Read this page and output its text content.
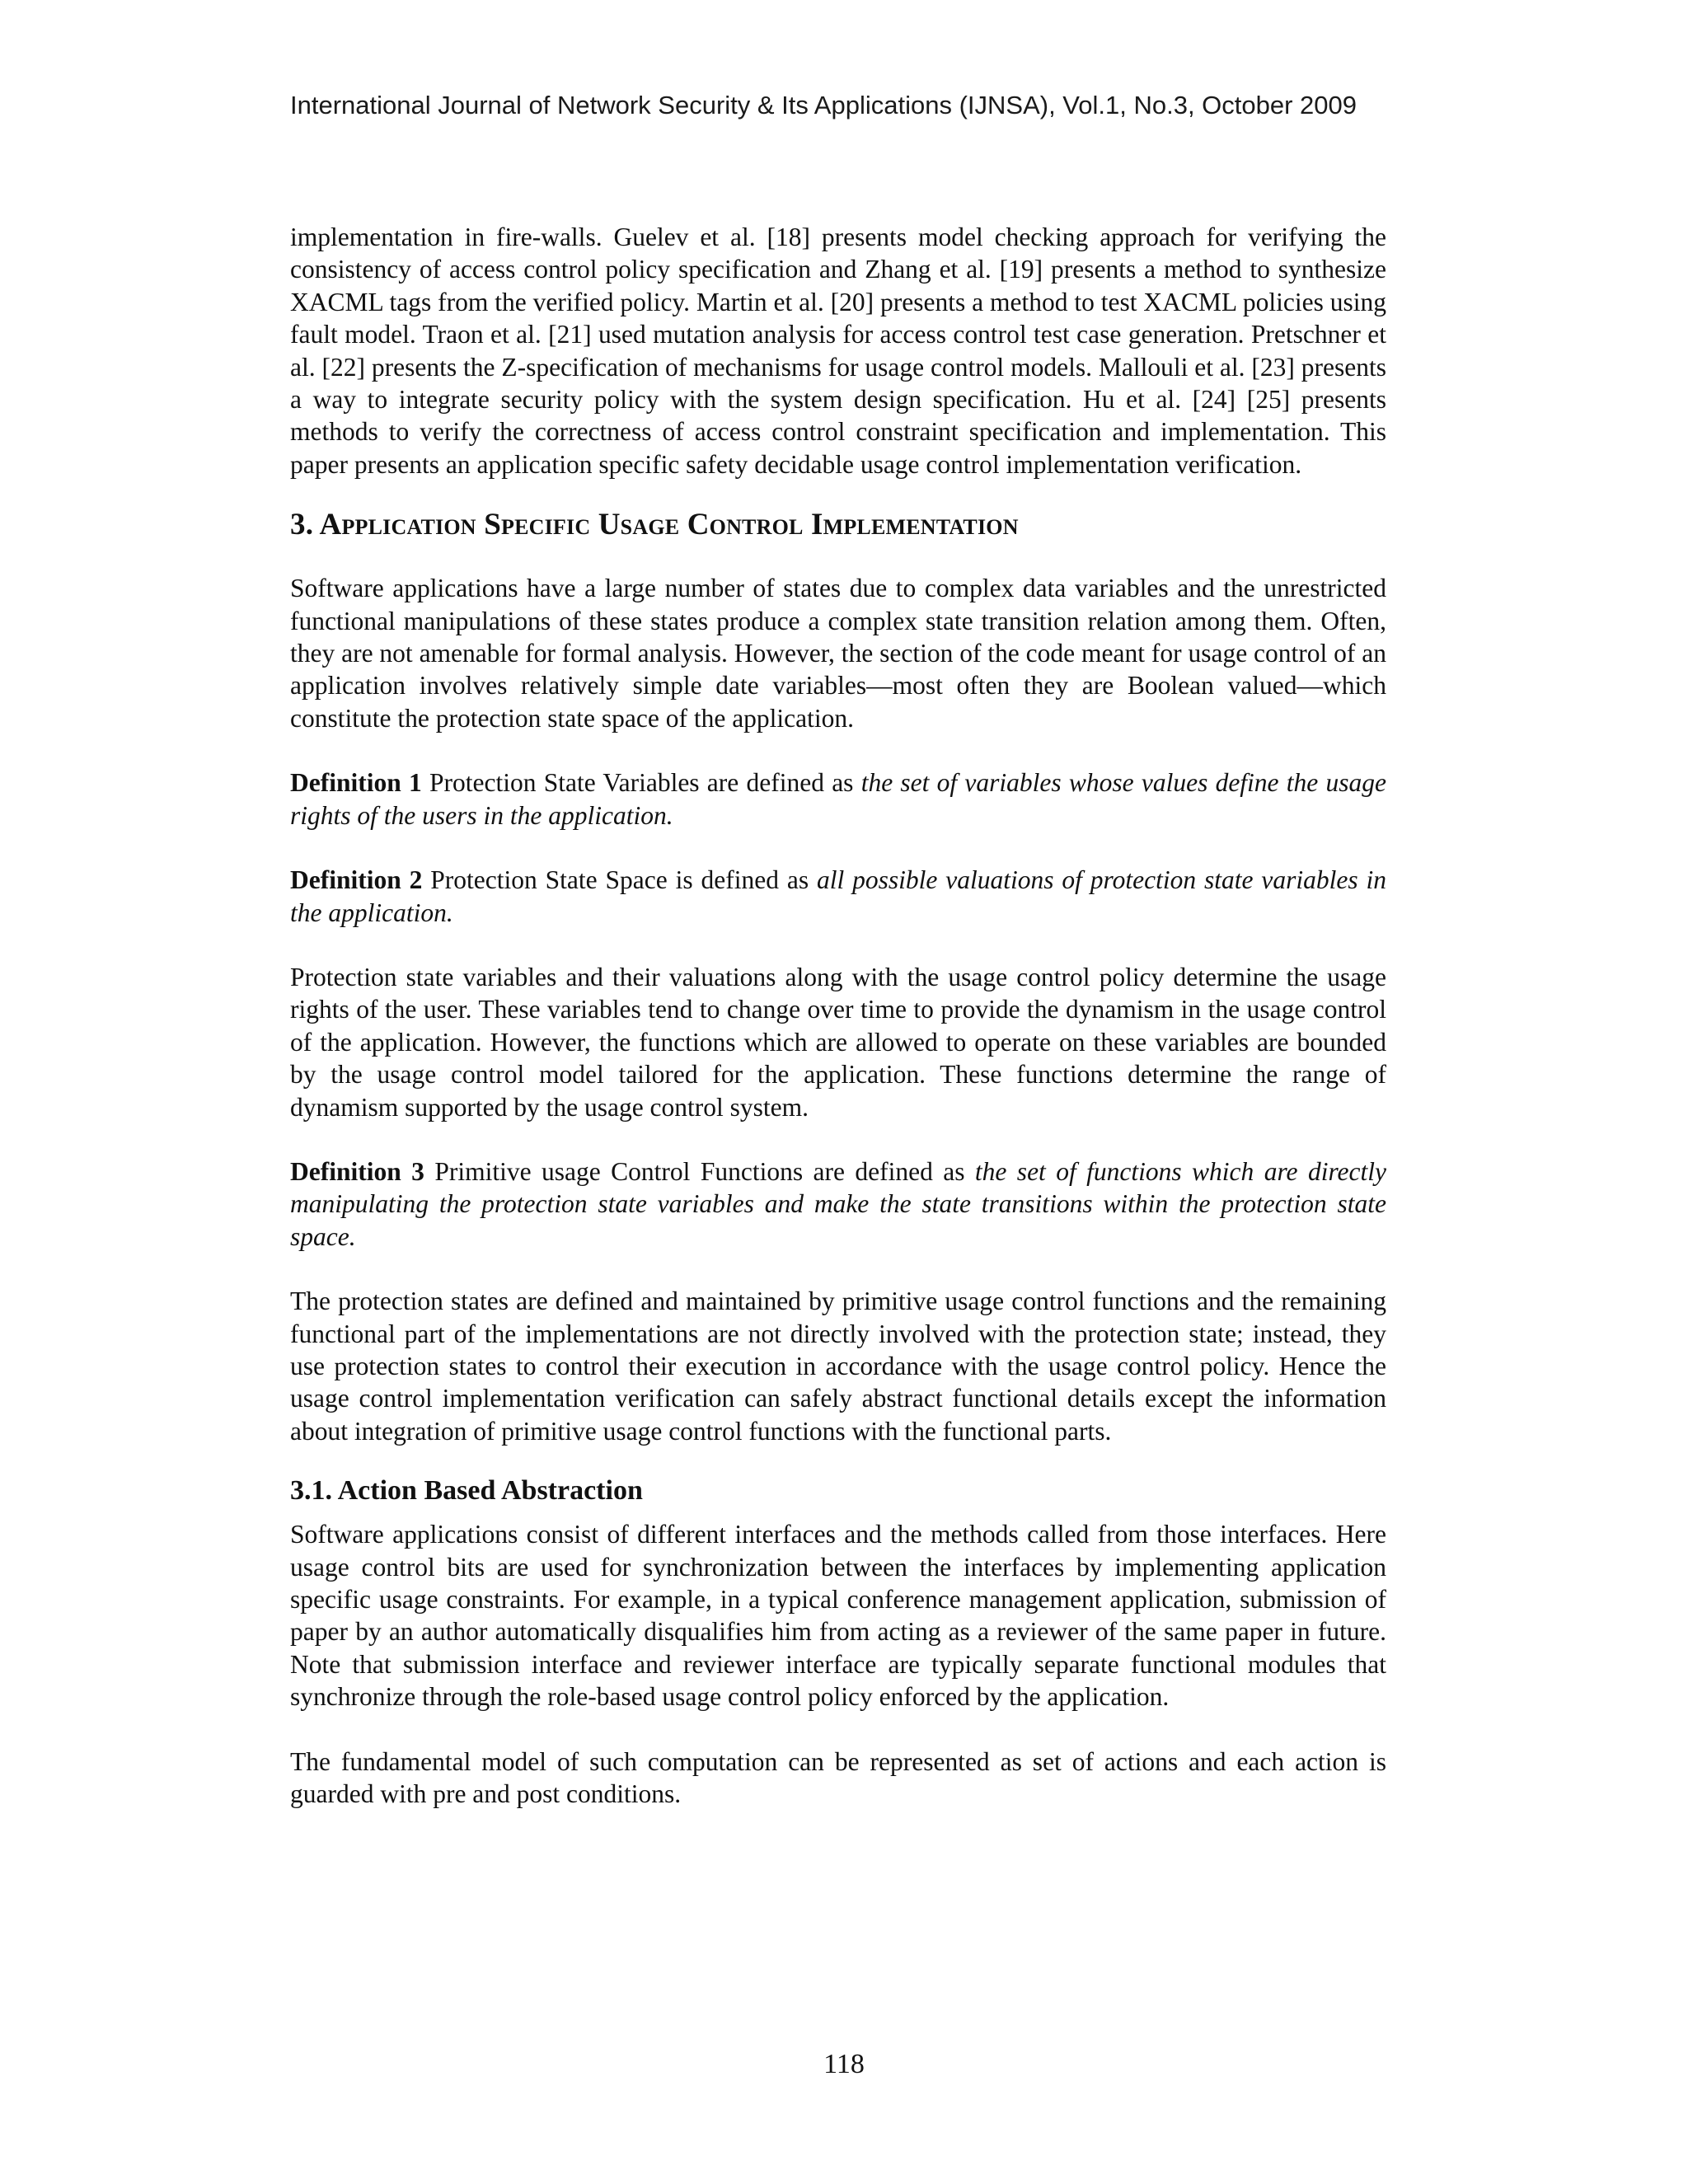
International Journal of Network Security & Its Applications (IJNSA), Vol.1, No.3, October 2009

implementation in fire-walls. Guelev et al. [18] presents model checking approach for verifying the consistency of access control policy specification and Zhang et al. [19] presents a method to synthesize XACML tags from the verified policy. Martin et al. [20] presents a method to test XACML policies using fault model. Traon et al. [21] used mutation analysis for access control test case generation. Pretschner et al. [22] presents the Z-specification of mechanisms for usage control models. Mallouli et al. [23] presents a way to integrate security policy with the system design specification. Hu et al. [24] [25] presents methods to verify the correctness of access control constraint specification and implementation. This paper presents an application specific safety decidable usage control implementation verification.

3. Application Specific Usage Control Implementation

Software applications have a large number of states due to complex data variables and the unrestricted functional manipulations of these states produce a complex state transition relation among them. Often, they are not amenable for formal analysis. However, the section of the code meant for usage control of an application involves relatively simple date variables—most often they are Boolean valued—which constitute the protection state space of the application.

Definition 1 Protection State Variables are defined as the set of variables whose values define the usage rights of the users in the application.

Definition 2 Protection State Space is defined as all possible valuations of protection state variables in the application.

Protection state variables and their valuations along with the usage control policy determine the usage rights of the user. These variables tend to change over time to provide the dynamism in the usage control of the application. However, the functions which are allowed to operate on these variables are bounded by the usage control model tailored for the application. These functions determine the range of dynamism supported by the usage control system.

Definition 3 Primitive usage Control Functions are defined as the set of functions which are directly manipulating the protection state variables and make the state transitions within the protection state space.

The protection states are defined and maintained by primitive usage control functions and the remaining functional part of the implementations are not directly involved with the protection state; instead, they use protection states to control their execution in accordance with the usage control policy. Hence the usage control implementation verification can safely abstract functional details except the information about integration of primitive usage control functions with the functional parts.

3.1. Action Based Abstraction

Software applications consist of different interfaces and the methods called from those interfaces. Here usage control bits are used for synchronization between the interfaces by implementing application specific usage constraints. For example, in a typical conference management application, submission of paper by an author automatically disqualifies him from acting as a reviewer of the same paper in future. Note that submission interface and reviewer interface are typically separate functional modules that synchronize through the role-based usage control policy enforced by the application.

The fundamental model of such computation can be represented as set of actions and each action is guarded with pre and post conditions.

118
